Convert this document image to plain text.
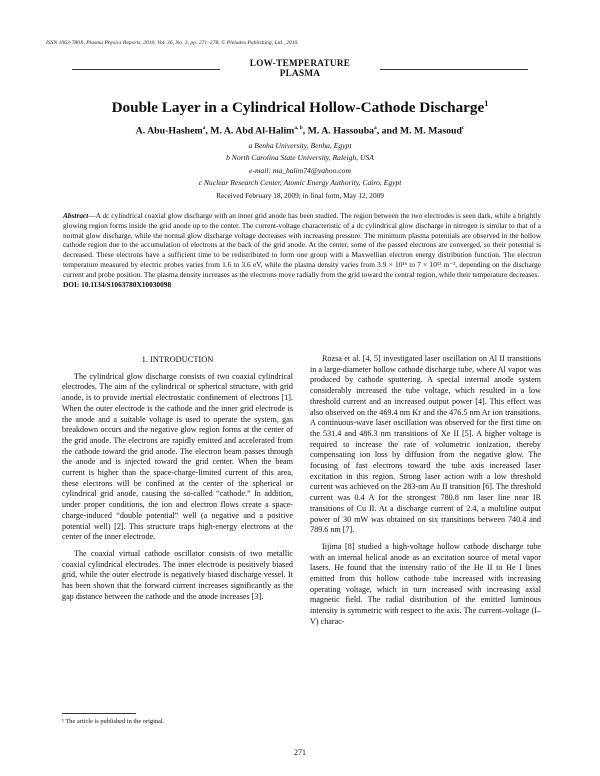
ISSN 1063-780X, Plasma Physics Reports, 2010, Vol. 36, No. 3, pp. 271–278. © Pleiades Publishing, Ltd., 2010.
LOW-TEMPERATURE
PLASMA
Double Layer in a Cylindrical Hollow-Cathode Discharge$^1$
A. Abu-Hashem$^a$, M. A. Abd Al-Halim$^{a, b}$, M. A. Hassouba$^a$, and M. M. Masoud$^c$
a Benha University, Benha, Egypt
b North Carolina State University, Raleigh, USA
e-mail: ma_halim74@yahoo.com
c Nuclear Research Center, Atomic Energy Authority, Cairo, Egypt
Received February 18, 2009; in final form, May 12, 2009
Abstract—A dc cylindrical coaxial glow discharge with an inner grid anode has been studied. The region between the two electrodes is seen dark, while a brightly glowing region forms inside the grid anode up to the center. The current-voltage characteristic of a dc cylindrical glow discharge in nitrogen is similar to that of a normal glow discharge, while the normal glow discharge voltage decreases with increasing pressure. The minimum plasma potentials are observed in the hollow cathode region due to the accumulation of electrons at the back of the grid anode. At the center, some of the passed electrons are converged, so their potential is decreased. These electrons have a sufficient time to be redistributed to form one group with a Maxwellian electron energy distribution function. The electron temperature measured by electric probes varies from 1.6 to 3.6 eV, while the plasma density varies from 3.9 × 10¹⁶ to 7 × 10¹³ m⁻³, depending on the discharge current and probe position. The plasma density increases as the electrons move radially from the grid toward the central region, while their temperature decreases.
DOI: 10.1134/S1063780X10030098
1. INTRODUCTION

The cylindrical glow discharge consists of two coaxial cylindrical electrodes. The aim of the cylindrical or spherical structure, with grid anode, is to provide inertial electrostatic confinement of electrons [1]. When the outer electrode is the cathode and the inner grid electrode is the anode and a suitable voltage is used to operate the system, gas breakdown occurs and the negative glow region forms at the center of the grid anode. The electrons are rapidly emitted and accelerated from the cathode toward the grid anode. The electron beam passes through the anode and is injected toward the grid center. When the beam current is higher than the space-charge-limited current of this area, these electrons will be confined at the center of the spherical or cylindrical grid anode, causing the so-called “cathode.” In addition, under proper conditions, the ion and electron flows create a space-charge-induced “double potential” well (a negative and a positive potential well) [2]. This structure traps high-energy electrons at the center of the inner electrode.

The coaxial virtual cathode oscillator consists of two metallic coaxial cylindrical electrodes. The inner electrode is positively biased grid, while the outer electrode is negatively biased discharge vessel. It has been shown that the forward current increases significantly as the gap distance between the cathode and the anode increases [3].

Rozsa et al. [4, 5] investigated laser oscillation on Al II transitions in a large-diameter hollow cathode discharge tube, where Al vapor was produced by cathode sputtering. A special internal anode system considerably increased the tube voltage, which resulted in a low threshold current and an increased output power [4]. This effect was also observed on the 469.4 nm Kr and the 476.5 nm Ar ion transitions. A continuous-wave laser oscillation was observed for the first time on the 531.4 and 486.3 nm transitions of Xe II [5]. A higher voltage is required to increase the rate of volumetric ionization, thereby compensating ion loss by diffusion from the negative glow. The focusing of fast electrons toward the tube axis increased laser excitation in this region. Strong laser action with a low threshold current was achieved on the 283-nm Au II transition [6]. The threshold current was 0.4 A for the strongest 780.8 nm laser line near IR transitions of Cu II. At a discharge current of 2.4, a multiline output power of 30 mW was obtained on six transitions between 740.4 and 789.6 nm [7].

Iijima [8] studied a high-voltage hollow cathode discharge tube with an internal helical anode as an excitation source of metal vapor lasers. He found that the intensity ratio of the He II to He I lines emitted from this hollow cathode tube increased with increasing operating voltage, which in turn increased with increasing axial magnetic field. The radial distribution of the emitted luminous intensity is symmetric with respect to the axis. The current–voltage (I–V) charac-

¹ The article is published in the original.
271
